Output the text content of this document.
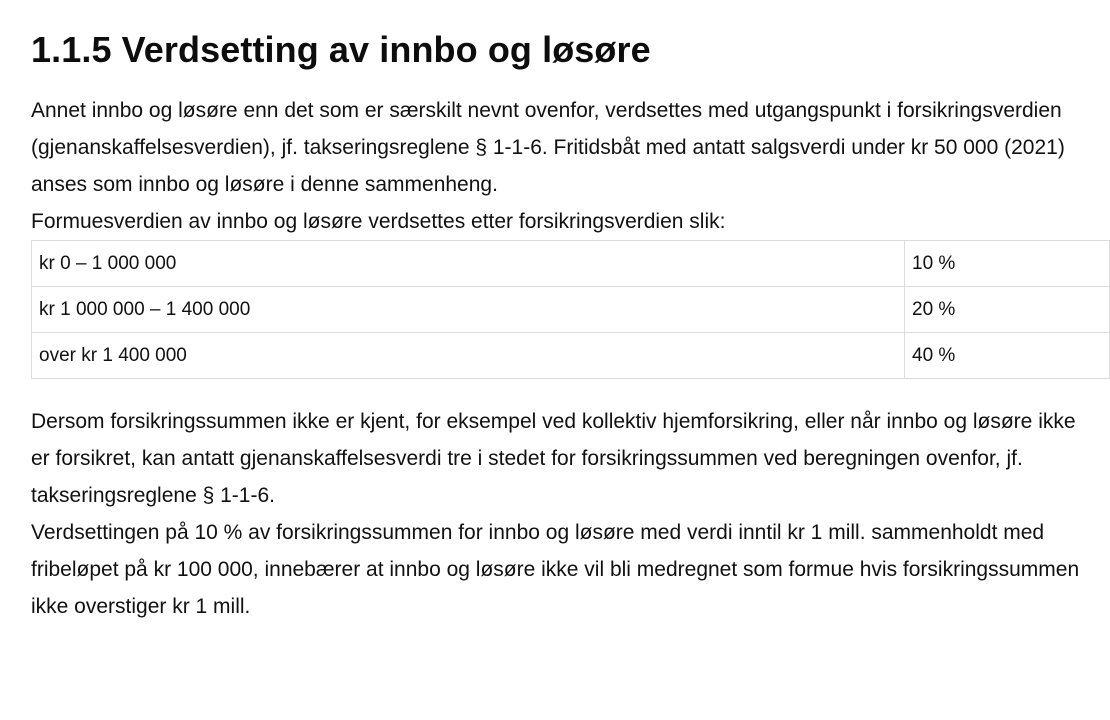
1.1.5 Verdsetting av innbo og løsøre

Annet innbo og løsøre enn det som er særskilt nevnt ovenfor, verdsettes med utgangspunkt i forsikringsverdien (gjenanskaffelsesverdien), jf. takseringsreglene § 1-1-6. Fritidsbåt med antatt salgsverdi under kr 50 000 (2021) anses som innbo og løsøre i denne sammenheng.

Formuesverdien av innbo og løsøre verdsettes etter forsikringsverdien slik:

kr 0 – 1 000 000	10 %
kr 1 000 000 – 1 400 000	20 %
over kr 1 400 000	40 %

Dersom forsikringssummen ikke er kjent, for eksempel ved kollektiv hjemforsikring, eller når innbo og løsøre ikke er forsikret, kan antatt gjenanskaffelsesverdi tre i stedet for forsikringssummen ved beregningen ovenfor, jf. takseringsreglene § 1-1-6.

Verdsettingen på 10 % av forsikringssummen for innbo og løsøre med verdi inntil kr 1 mill. sammenholdt med fribeløpet på kr 100 000, innebærer at innbo og løsøre ikke vil bli medregnet som formue hvis forsikringssummen ikke overstiger kr 1 mill.
